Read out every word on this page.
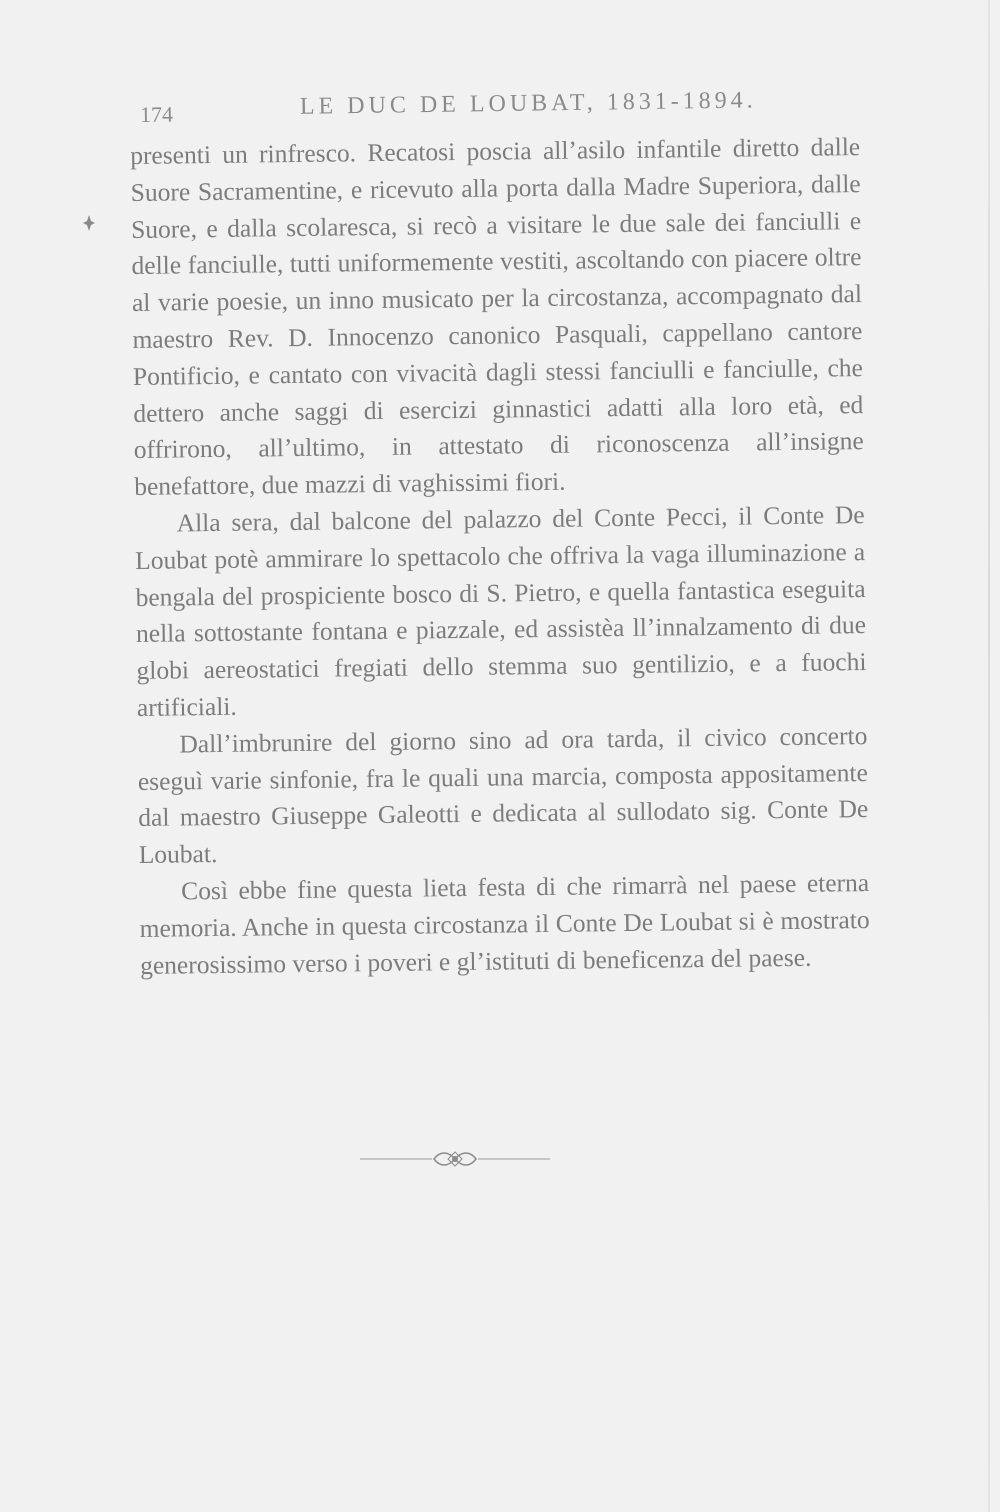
174	LE DUC DE LOUBAT, 1831-1894.

presenti un rinfresco. Recatosi poscia all’asilo infantile diretto dalle Suore Sacramentine, e ricevuto alla porta dalla Madre Superiora, dalle Suore, e dalla scolaresca, si recò a visitare le due sale dei fanciulli e delle fanciulle, tutti uniformemente vestiti, ascoltando con piacere oltre al varie poesie, un inno musicato per la circostanza, accompagnato dal maestro Rev. D. Innocenzo canonico Pasquali, cappellano cantore Pontificio, e cantato con vivacità dagli stessi fanciulli e fanciulle, che dettero anche saggi di esercizi ginnastici adatti alla loro età, ed offrirono, all’ultimo, in attestato di riconoscenza all’insigne benefattore, due mazzi di vaghissimi fiori.

Alla sera, dal balcone del palazzo del Conte Pecci, il Conte De Loubat potè ammirare lo spettacolo che offriva la vaga illuminazione a bengala del prospiciente bosco di S. Pietro, e quella fantastica eseguita nella sottostante fontana e piazzale, ed assistèa ll’innalzamento di due globi aereostatici fregiati dello stemma suo gentilizio, e a fuochi artificiali.

Dall’imbrunire del giorno sino ad ora tarda, il civico concerto eseguì varie sinfonie, fra le quali una marcia, composta appositamente dal maestro Giuseppe Galeotti e dedicata al sullodato sig. Conte De Loubat.

Così ebbe fine questa lieta festa di che rimarrà nel paese eterna memoria. Anche in questa circostanza il Conte De Loubat si è mostrato generosissimo verso i poveri e gl’istituti di beneficenza del paese.
